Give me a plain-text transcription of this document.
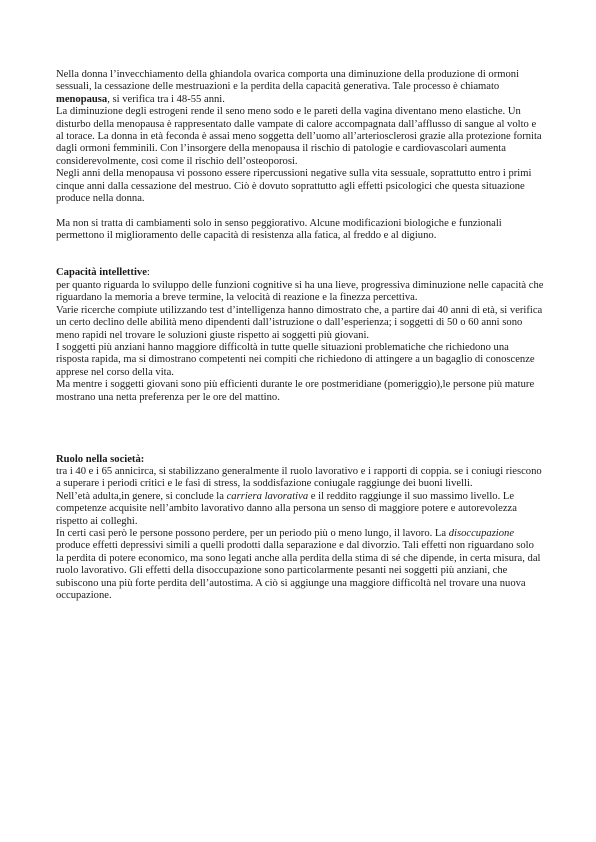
Nella donna l’invecchiamento della ghiandola ovarica comporta una diminuzione della produzione di ormoni sessuali, la cessazione delle mestruazioni e la perdita della capacità generativa. Tale processo è chiamato menopausa, si verifica tra i 48-55 anni.

La diminuzione degli estrogeni rende il seno meno sodo e le pareti della vagina diventano meno elastiche. Un disturbo della menopausa è rappresentato dalle vampate di calore accompagnata dall’afflusso di sangue al volto e al torace. La donna in età feconda è assai meno soggetta dell’uomo all’arteriosclerosi grazie alla protezione fornita dagli ormoni femminili. Con l’insorgere della menopausa il rischio di patologie e cardiovascolari aumenta considerevolmente, così come il rischio dell’osteoporosi.

Negli anni della menopausa vi possono essere ripercussioni negative sulla vita sessuale, soprattutto entro i primi cinque anni dalla cessazione del mestruo. Ciò è dovuto soprattutto agli effetti psicologici che questa situazione produce nella donna.

Ma non si tratta di cambiamenti solo in senso peggiorativo. Alcune modificazioni biologiche e funzionali permettono il miglioramento delle capacità di resistenza alla fatica, al freddo e al digiuno.

Capacità intellettive:

per quanto riguarda lo sviluppo delle funzioni cognitive si ha una lieve, progressiva diminuzione nelle capacità che riguardano la memoria a breve termine, la velocità di reazione e la finezza percettiva.

Varie ricerche compiute utilizzando test d’intelligenza hanno dimostrato che, a partire dai 40 anni di età, si verifica un certo declino delle abilità meno dipendenti dall’istruzione o dall’esperienza; i soggetti di 50 o 60 anni sono meno rapidi nel trovare le soluzioni giuste rispetto ai soggetti più giovani.

I soggetti più anziani hanno maggiore difficoltà in tutte quelle situazioni problematiche che richiedono una risposta rapida, ma si dimostrano competenti nei compiti che richiedono di attingere a un bagaglio di conoscenze apprese nel corso della vita.

Ma mentre i soggetti giovani sono più efficienti durante le ore postmeridiane (pomeriggio),le persone più mature mostrano una netta preferenza per le ore del mattino.

Ruolo nella società:

tra i 40 e i 65 annicirca, si stabilizzano generalmente il ruolo lavorativo e i rapporti di coppia. se i coniugi riescono a superare i periodi critici e le fasi di stress, la soddisfazione coniugale raggiunge dei buoni livelli.

Nell’età adulta,in genere, si conclude la carriera lavorativa e il reddito raggiunge il suo massimo livello. Le competenze acquisite nell’ambito lavorativo danno alla persona un senso di maggiore potere e autorevolezza rispetto ai colleghi.

In certi casi però le persone possono perdere, per un periodo più o meno lungo, il lavoro. La disoccupazione produce effetti depressivi simili a quelli prodotti dalla separazione e dal divorzio. Tali effetti non riguardano solo la perdita di potere economico, ma sono legati anche alla perdita della stima di sé che dipende, in certa misura, dal ruolo lavorativo. Gli effetti della disoccupazione sono particolarmente pesanti nei soggetti più anziani, che subiscono una più forte perdita dell’autostima. A ciò si aggiunge una maggiore difficoltà nel trovare una nuova occupazione.
